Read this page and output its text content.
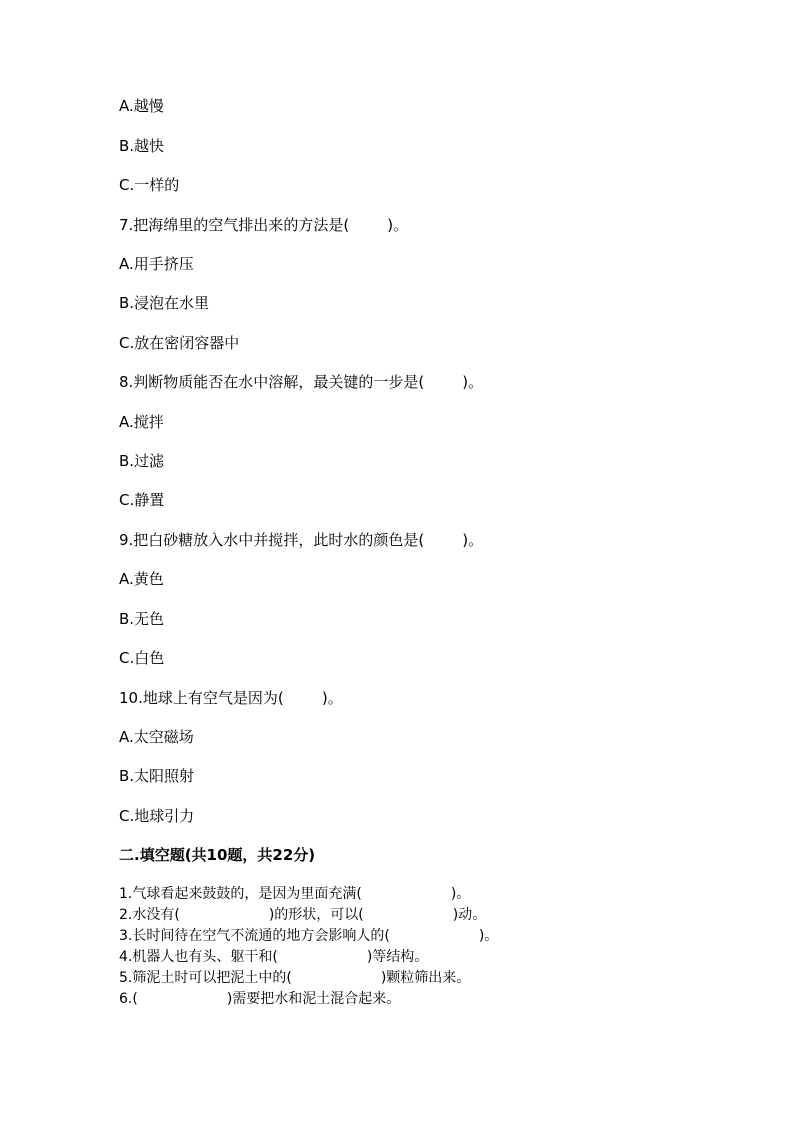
A.越慢
B.越快
C.一样的
7.把海绵里的空气排出来的方法是(        )。
A.用手挤压
B.浸泡在水里
C.放在密闭容器中
8.判断物质能否在水中溶解，最关键的一步是(        )。
A.搅拌
B.过滤
C.静置
9.把白砂糖放入水中并搅拌，此时水的颜色是(        )。
A.黄色
B.无色
C.白色
10.地球上有空气是因为(        )。
A.太空磁场
B.太阳照射
C.地球引力
二.填空题(共10题，共22分)
1.气球看起来鼓鼓的，是因为里面充满(                    )。
2.水没有(                    )的形状，可以(                    )动。
3.长时间待在空气不流通的地方会影响人的(                    )。
4.机器人也有头、躯干和(                    )等结构。
5.筛泥土时可以把泥土中的(                    )颗粒筛出来。
6.(                    )需要把水和泥土混合起来。
